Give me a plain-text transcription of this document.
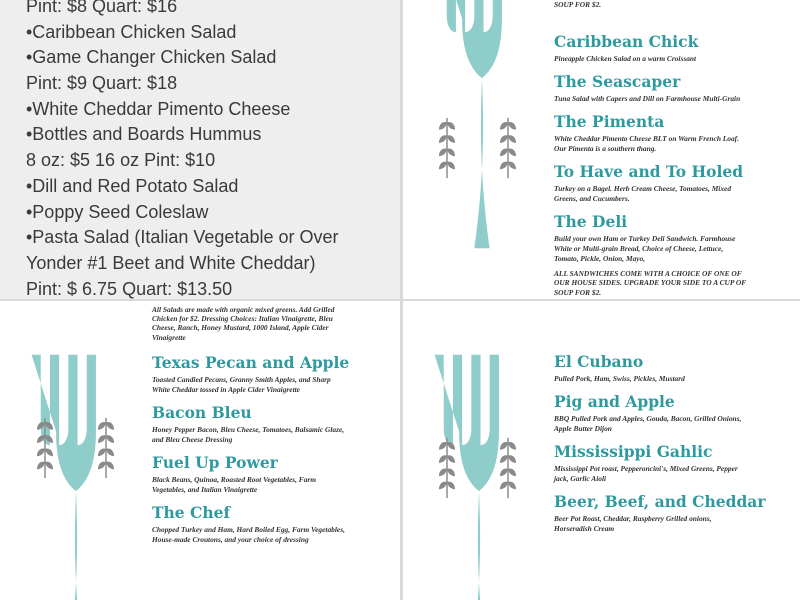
Pint: $8 Quart: $16
•Caribbean Chicken Salad
•Game Changer Chicken Salad
Pint: $9 Quart: $18
•White Cheddar Pimento Cheese
•Bottles and Boards Hummus
8 oz: $5 16 oz Pint: $10
•Dill and Red Potato Salad
•Poppy Seed Coleslaw
•Pasta Salad (Italian Vegetable or Over
Yonder #1 Beet and White Cheddar)
Pint: $ 6.75 Quart: $13.50
SOUP FOR $2.
Caribbean Chick
Pineapple Chicken Salad on a warm Croissant
The Seascaper
Tuna Salad with Capers and Dill on Farmhouse Multi-Grain
The Pimenta
White Cheddar Pimento Cheese BLT on Warm French Loaf. Our Pimenta is a southern thang.
To Have and To Holed
Turkey on a Bagel. Herb Cream Cheese, Tomatoes, Mixed Greens, and Cucumbers.
The Deli
Build your own Ham or Turkey Deli Sandwich. Farmhouse White or Multi-grain Bread, Choice of Cheese, Lettuce, Tomato, Pickle, Onion, Mayo,
ALL SANDWICHES COME WITH A CHOICE OF ONE OF OUR HOUSE SIDES. UPGRADE YOUR SIDE TO A CUP OF SOUP FOR $2.
All Salads are made with organic mixed greens. Add Grilled Chicken for $2. Dressing Choices: Italian Vinaigrette, Bleu Cheese, Ranch, Honey Mustard, 1000 Island, Apple Cider Vinaigrette
Texas Pecan and Apple
Toasted Candied Pecans, Granny Smith Apples, and Sharp White Cheddar tossed in Apple Cider Vinaigrette
Bacon Bleu
Honey Pepper Bacon, Bleu Cheese, Tomatoes, Balsamic Glaze, and Bleu Cheese Dressing
Fuel Up Power
Black Beans, Quinoa, Roasted Root Vegetables, Farm Vegetables, and Italian Vinaigrette
The Chef
Chopped Turkey and Ham, Hard Boiled Egg, Farm Vegetables, House-made Croutons, and your choice of dressing
El Cubano
Pulled Pork, Ham, Swiss, Pickles, Mustard
Pig and Apple
BBQ Pulled Pork and Apples, Gouda, Bacon, Grilled Onions, Apple Butter Dijon
Mississippi Gahlic
Mississippi Pot roast, Pepperoncini's, Mixed Greens, Pepper jack, Garlic Aioli
Beer, Beef, and Cheddar
Beer Pot Roast, Cheddar, Raspberry Grilled onions, Horseradish Cream
